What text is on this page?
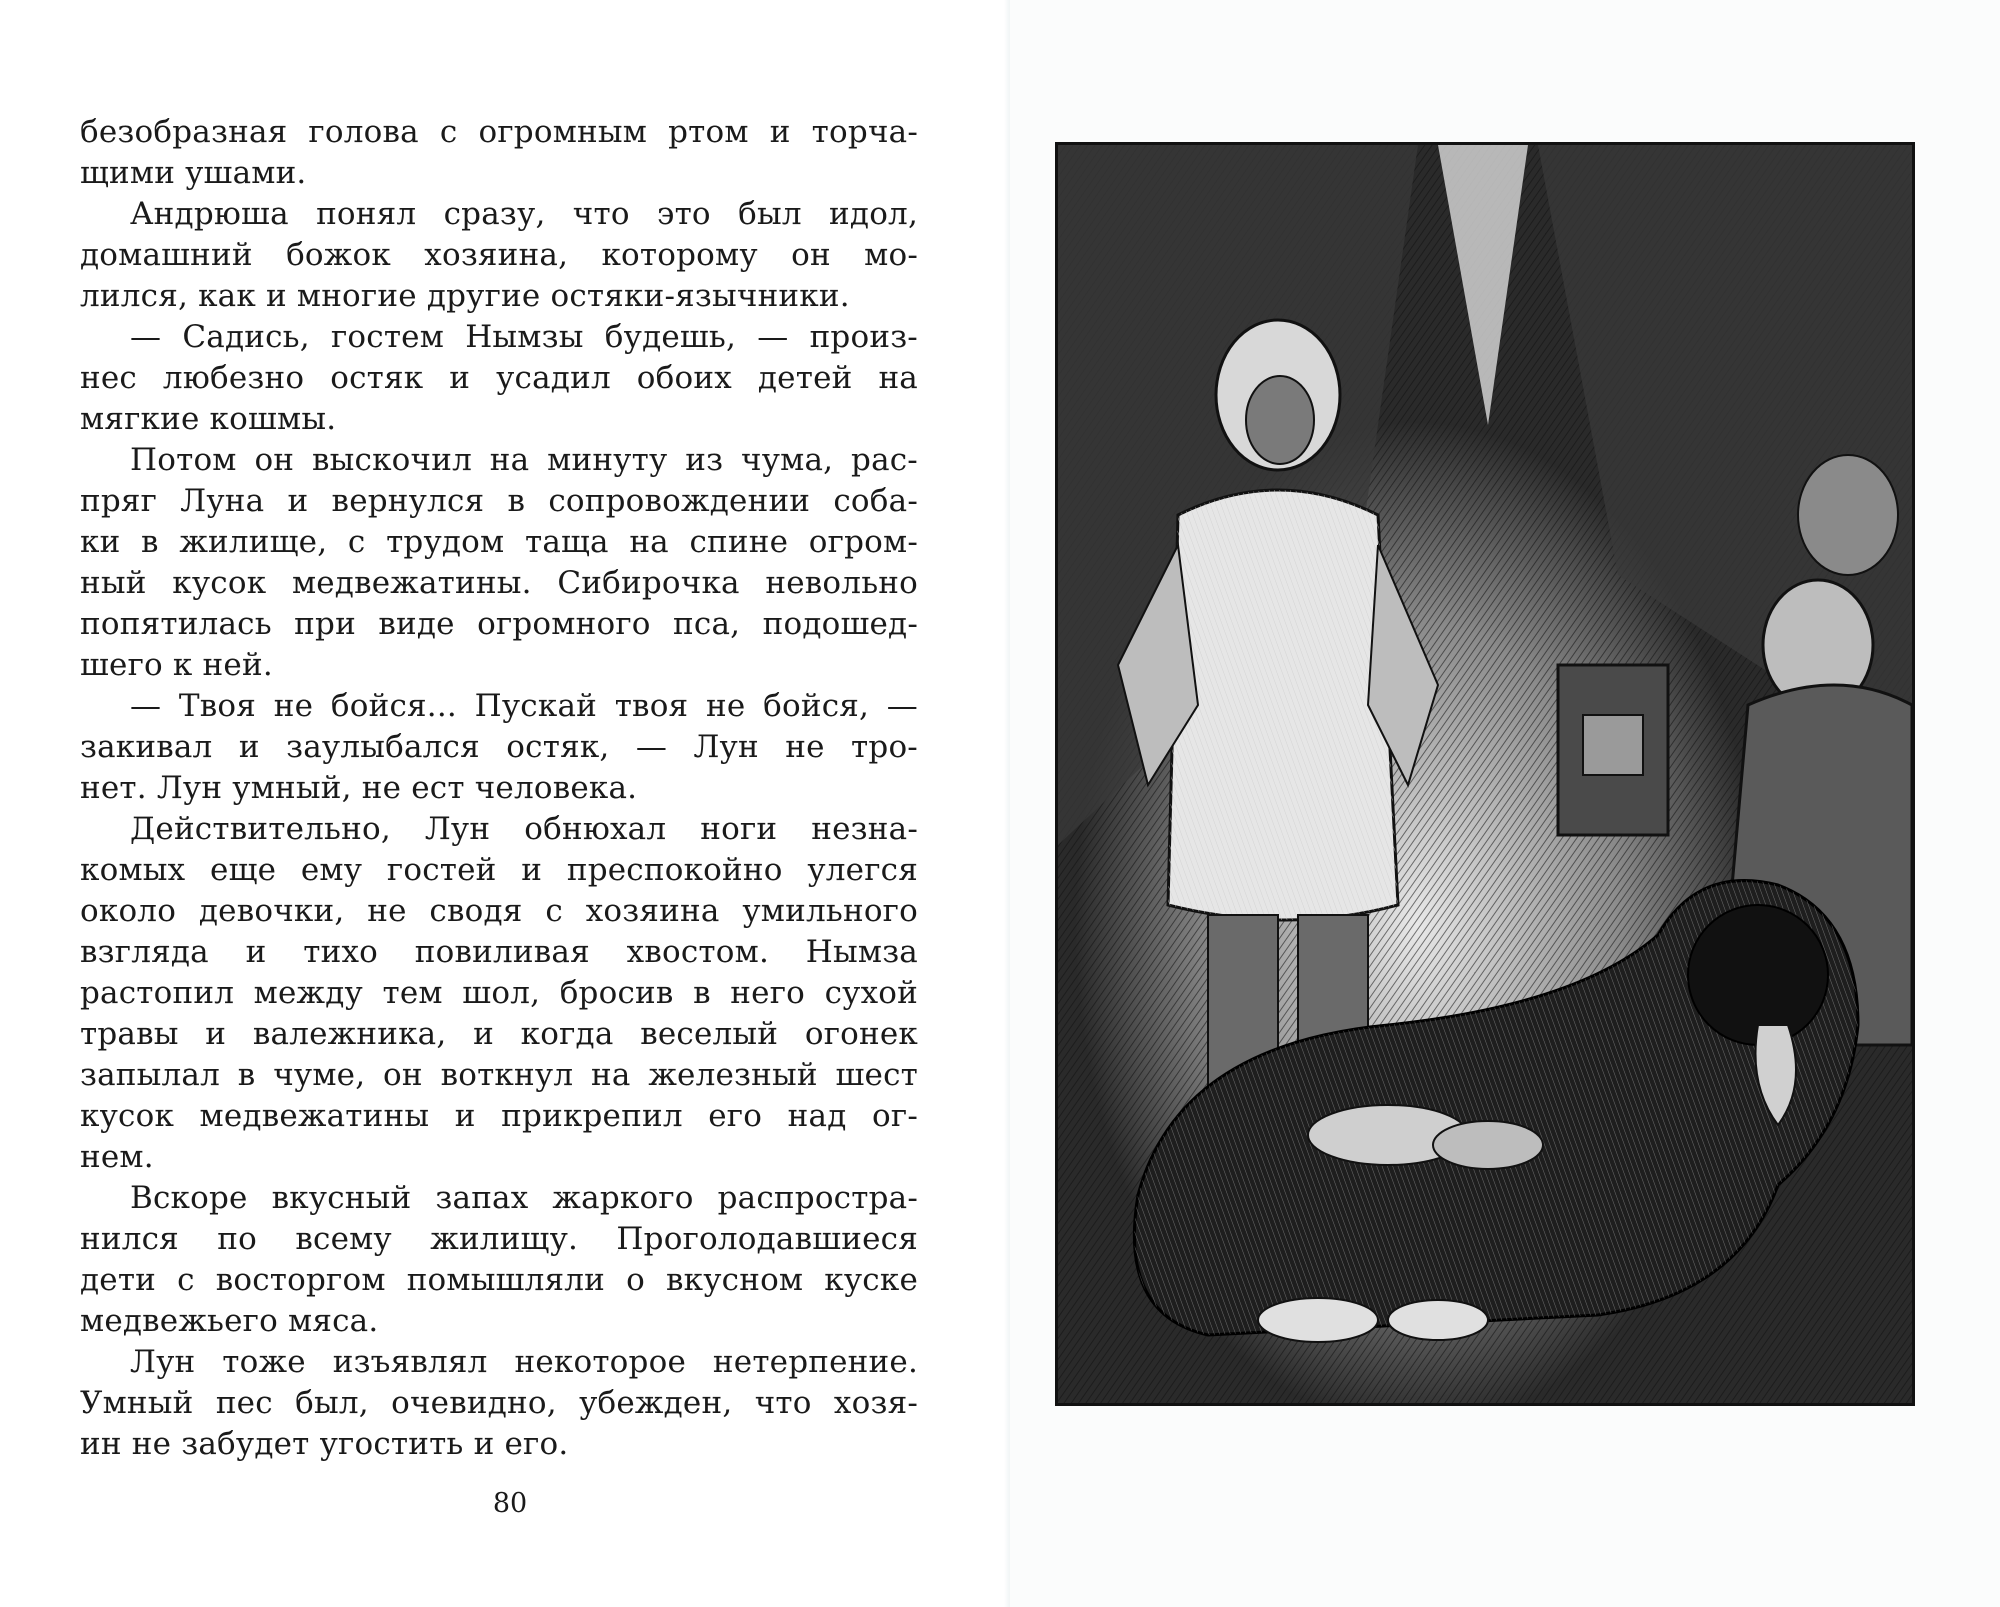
безобразная голова с огромным ртом и торча-
щими ушами.
Андрюша понял сразу, что это был идол,
домашний божок хозяина, которому он мо-
лился, как и многие другие остяки-язычники.
— Садись, гостем Нымзы будешь, — произ-
нес любезно остяк и усадил обоих детей на
мягкие кошмы.
Потом он выскочил на минуту из чума, рас-
пряг Луна и вернулся в сопровождении соба-
ки в жилище, с трудом таща на спине огром-
ный кусок медвежатины. Сибирочка невольно
попятилась при виде огромного пса, подошед-
шего к ней.
— Твоя не бойся... Пускай твоя не бойся, —
закивал и заулыбался остяк, — Лун не тро-
нет. Лун умный, не ест человека.
Действительно, Лун обнюхал ноги незна-
комых еще ему гостей и преспокойно улегся
около девочки, не сводя с хозяина умильного
взгляда и тихо повиливая хвостом. Нымза
растопил между тем шол, бросив в него сухой
травы и валежника, и когда веселый огонек
запылал в чуме, он воткнул на железный шест
кусок медвежатины и прикрепил его над ог-
нем.
Вскоре вкусный запах жаркого распростра-
нился по всему жилищу. Проголодавшиеся
дети с восторгом помышляли о вкусном куске
медвежьего мяса.
Лун тоже изъявлял некоторое нетерпение.
Умный пес был, очевидно, убежден, что хозя-
ин не забудет угостить и его.
80
